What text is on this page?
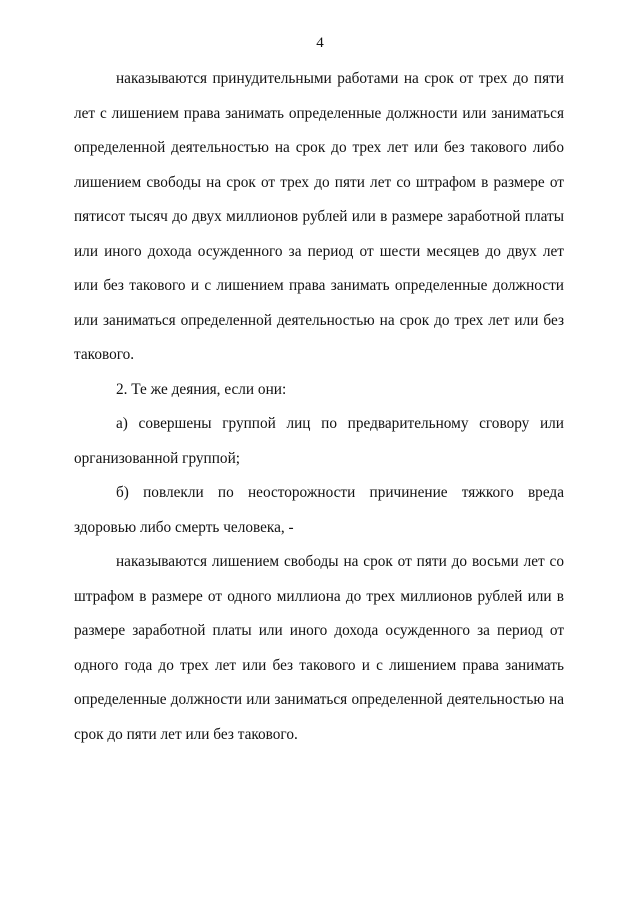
4

наказываются принудительными работами на срок от трех до пяти лет с лишением права занимать определенные должности или заниматься определенной деятельностью на срок до трех лет или без такового либо лишением свободы на срок от трех до пяти лет со штрафом в размере от пятисот тысяч до двух миллионов рублей или в размере заработной платы или иного дохода осужденного за период от шести месяцев до двух лет или без такового и с лишением права занимать определенные должности или заниматься определенной деятельностью на срок до трех лет или без такового.

2. Те же деяния, если они:

а) совершены группой лиц по предварительному сговору или организованной группой;

б) повлекли по неосторожности причинение тяжкого вреда здоровью либо смерть человека, -

наказываются лишением свободы на срок от пяти до восьми лет со штрафом в размере от одного миллиона до трех миллионов рублей или в размере заработной платы или иного дохода осужденного за период от одного года до трех лет или без такового и с лишением права занимать определенные должности или заниматься определенной деятельностью на срок до пяти лет или без такового.
